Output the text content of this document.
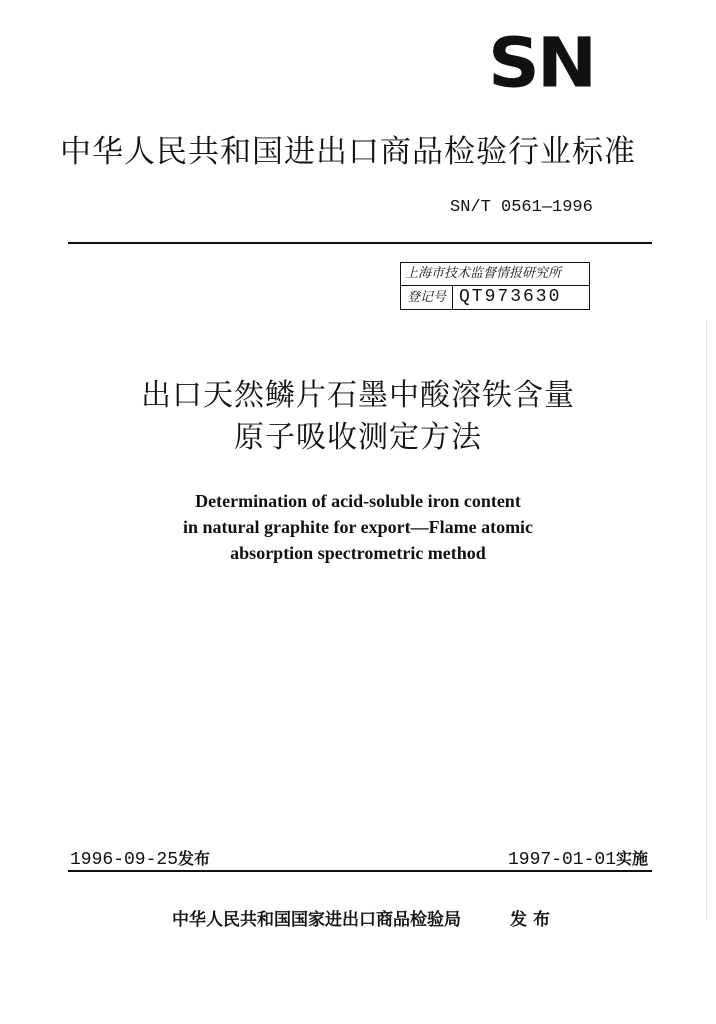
SN
中华人民共和国进出口商品检验行业标准
SN/T 0561—1996
上海市技术监督情报研究所
登记号 QT973630
出口天然鳞片石墨中酸溶铁含量
原子吸收测定方法
Determination of acid-soluble iron content
in natural graphite for export—Flame atomic
absorption spectrometric method
1996-09-25发布	1997-01-01实施
中华人民共和国国家进出口商品检验局	发布
